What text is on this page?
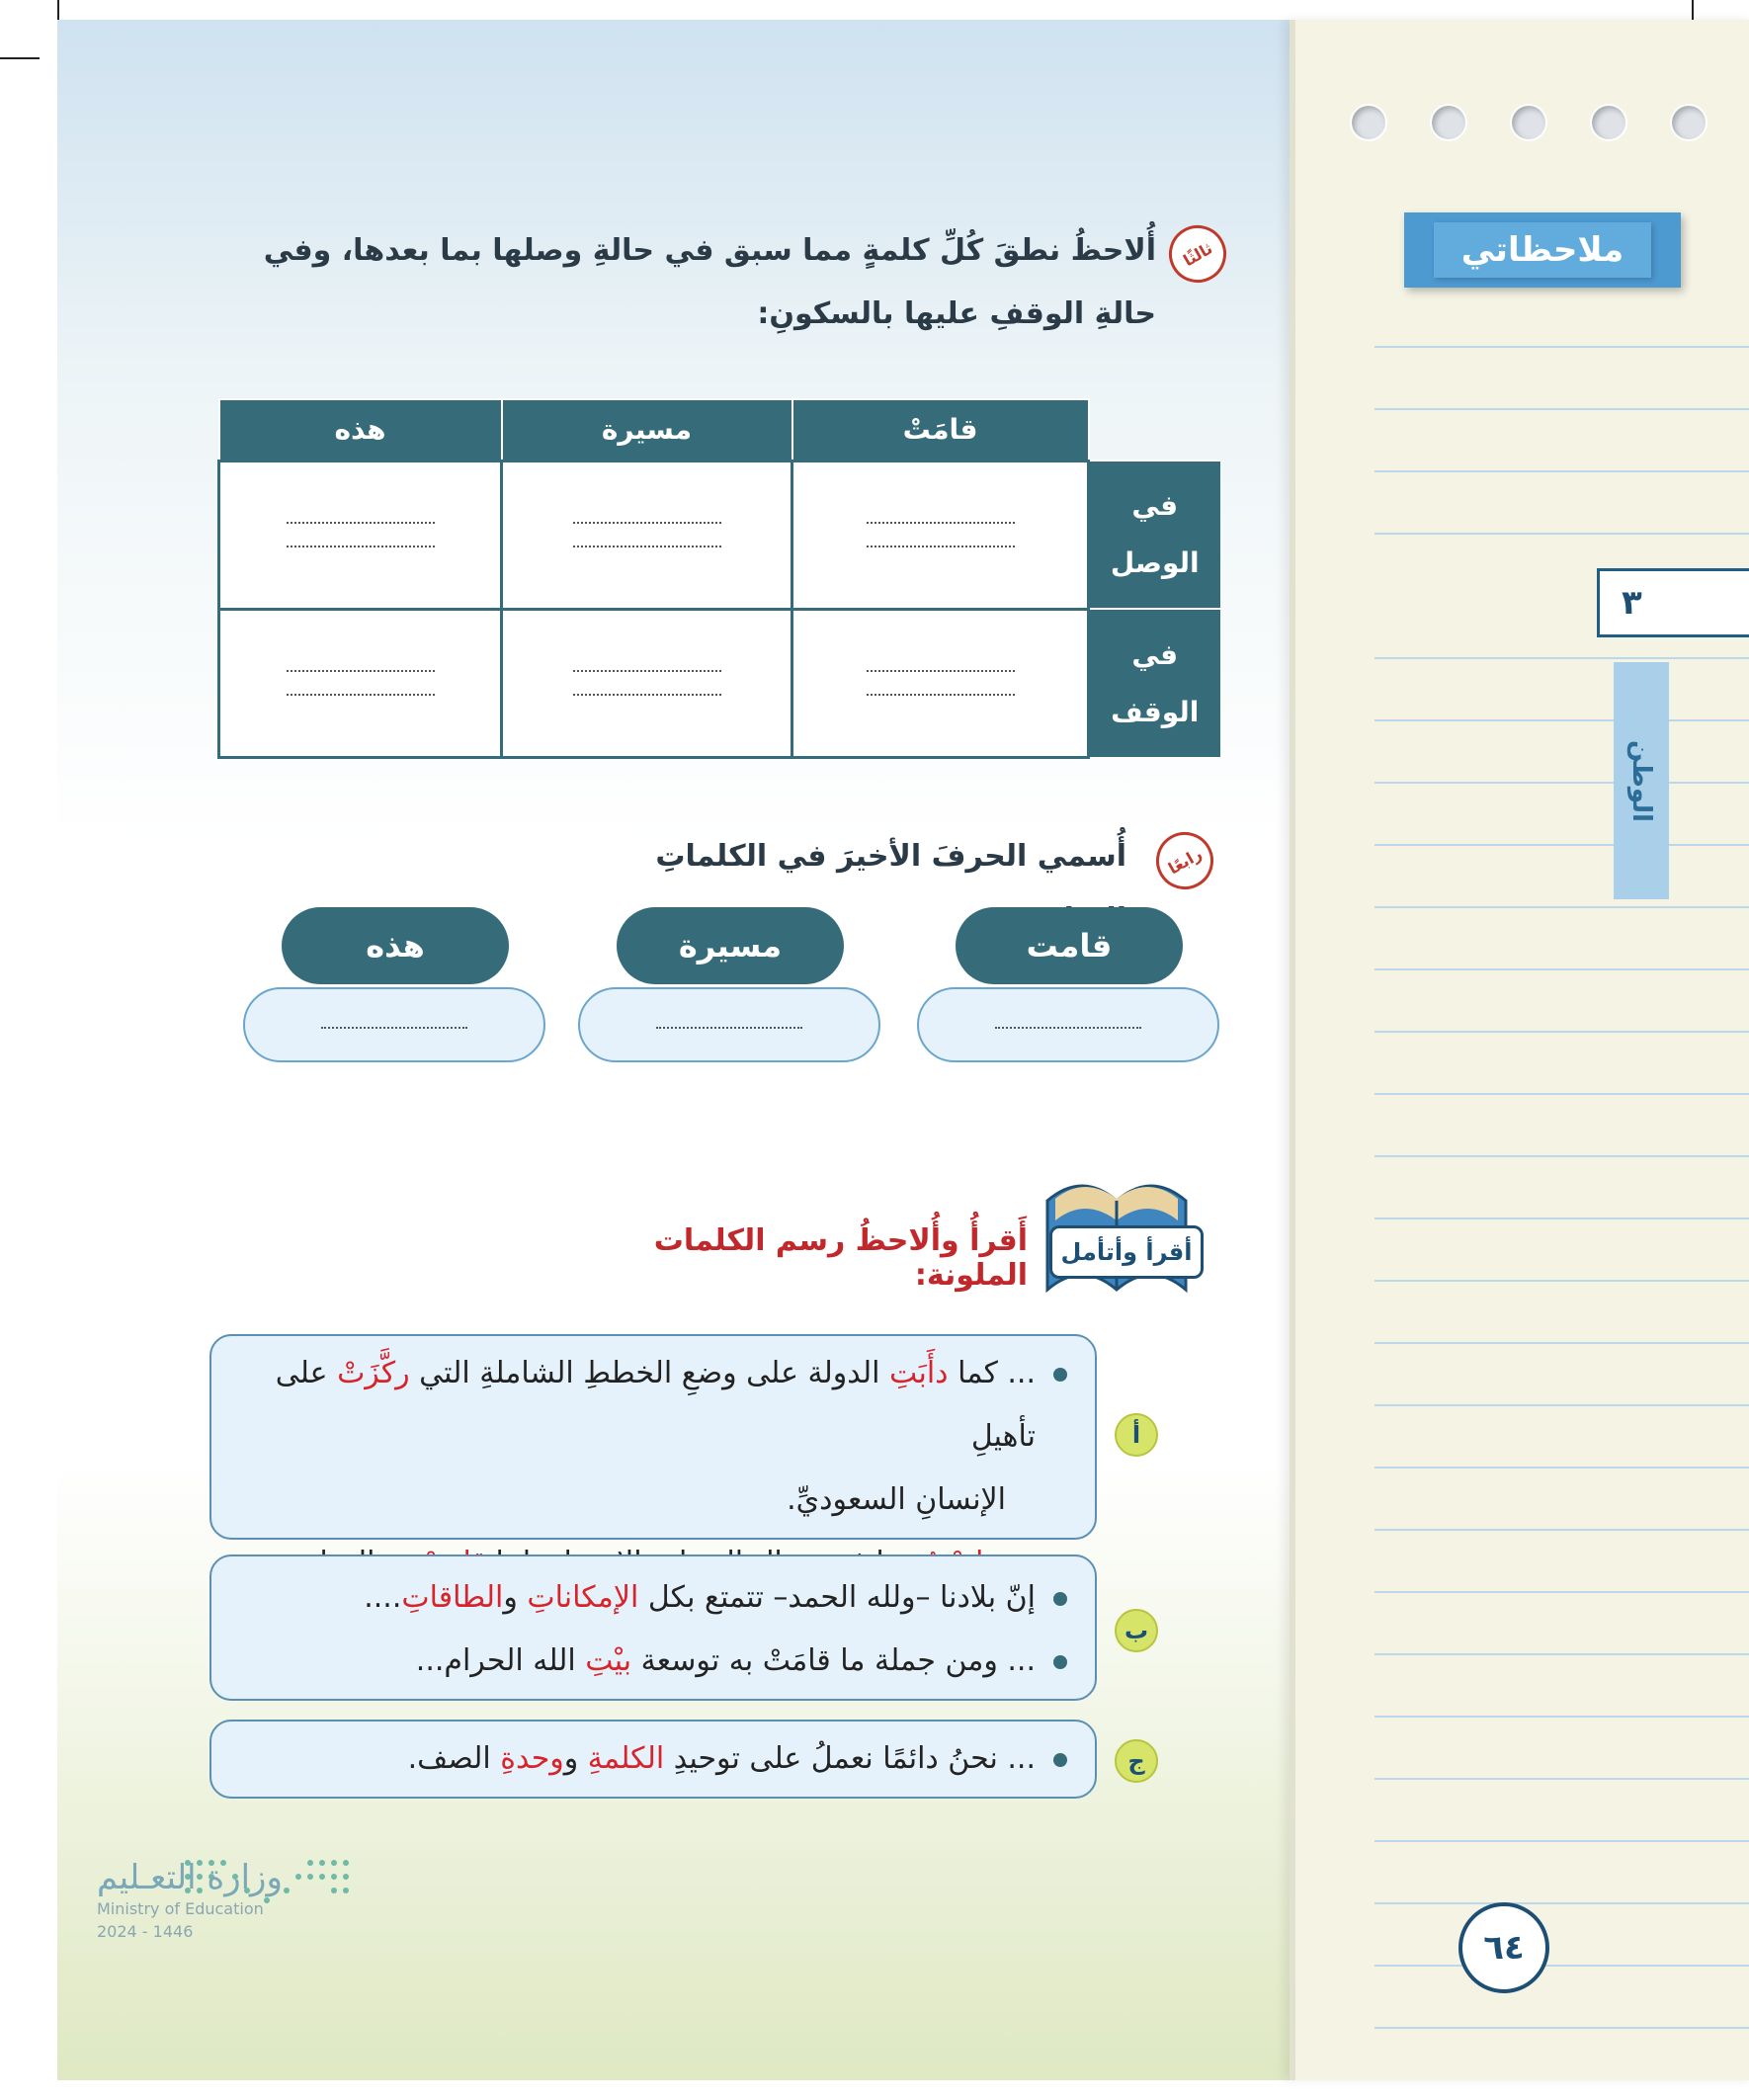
ملاحظاتي
٣
الوطن
٦٤
ثالثًا
أُلاحظُ نطقَ كُلِّ كلمةٍ مما سبق في حالةِ وصلها بما بعدها، وفي حالةِ الوقفِ عليها بالسكونِ:
هذه	مسيرة	قامَتْ	

	في الوصل

	في الوقف
رابعًا
أُسمي الحرفَ الأخيرَ في الكلماتِ
قامت
مسيرة
هذه
أقرأ وأتأمل
أَقرأُ وأُلاحظُ رسم الكلمات الملونة:
... كما دأَبَتِ الدولة على وضعِ الخططِ الشاملةِ التي ركَّزَتْ على تأهيلِ
الإنسانِ السعوديِّ.
أ
إنّ بلادنا –ولله الحمد– تتمتع بكل الإمكاناتِ والطاقاتِ....
... ومن جملة ما قامَتْ به توسعة بيْتِ الله الحرام...
ب
... نحنُ دائمًا نعملُ على توحيدِ الكلمةِ ووحدةِ الصف.	ج
وزارة التعـليم
Ministry of Education
2024 - 1446
